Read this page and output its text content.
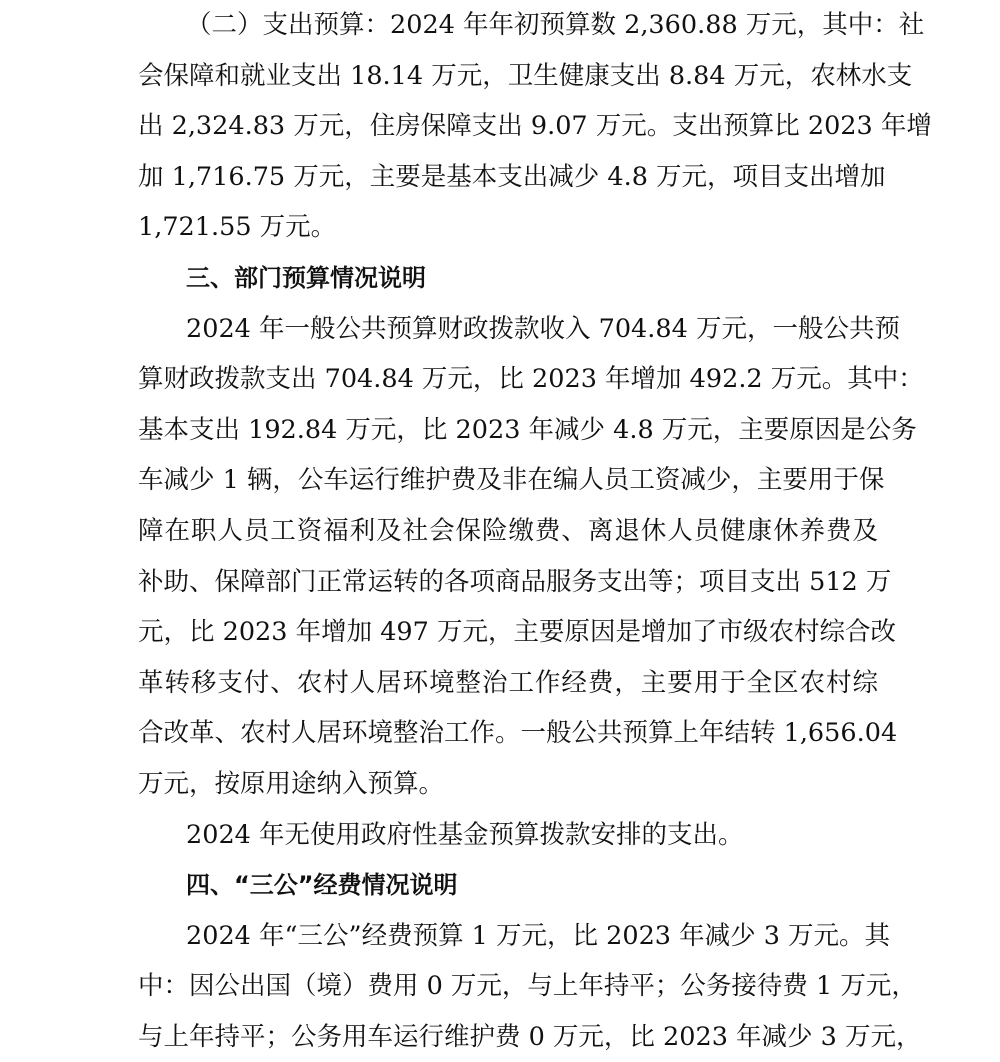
（二）支出预算：2024 年年初预算数 2,360.88 万元，其中：社
会保障和就业支出 18.14 万元，卫生健康支出 8.84 万元，农林水支
出 2,324.83 万元，住房保障支出 9.07 万元。支出预算比 2023 年增
加 1,716.75 万元，主要是基本支出减少 4.8 万元，项目支出增加
1,721.55 万元。
三、部门预算情况说明
2024 年一般公共预算财政拨款收入 704.84 万元，一般公共预
算财政拨款支出 704.84 万元，比 2023 年增加 492.2 万元。其中：
基本支出 192.84 万元，比 2023 年减少 4.8 万元，主要原因是公务
车减少 1 辆，公车运行维护费及非在编人员工资减少，主要用于保
障在职人员工资福利及社会保险缴费、离退休人员健康休养费及
补助、保障部门正常运转的各项商品服务支出等；项目支出 512 万
元，比 2023 年增加 497 万元，主要原因是增加了市级农村综合改
革转移支付、农村人居环境整治工作经费，主要用于全区农村综
合改革、农村人居环境整治工作。一般公共预算上年结转 1,656.04
万元，按原用途纳入预算。
2024 年无使用政府性基金预算拨款安排的支出。
四、“三公”经费情况说明
2024 年“三公”经费预算 1 万元，比 2023 年减少 3 万元。其
中：因公出国（境）费用 0 万元，与上年持平；公务接待费 1 万元，
与上年持平；公务用车运行维护费 0 万元，比 2023 年减少 3 万元，
